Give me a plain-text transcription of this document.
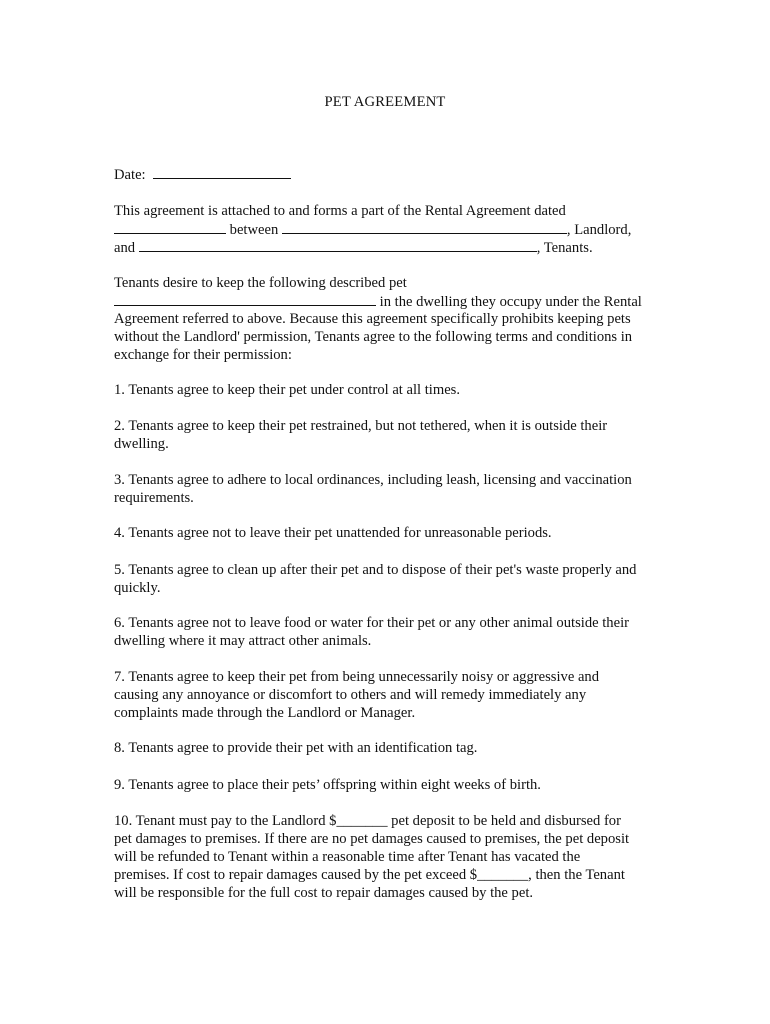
PET AGREEMENT
Date:
This agreement is attached to and forms a part of the Rental Agreement dated
between	, Landlord,
and	, Tenants.
Tenants desire to keep the following described pet
in the dwelling they occupy under the Rental
Agreement referred to above. Because this agreement specifically prohibits keeping pets
without the Landlord' permission, Tenants agree to the following terms and conditions in
exchange for their permission:
1. Tenants agree to keep their pet under control at all times.
2. Tenants agree to keep their pet restrained, but not tethered, when it is outside their
dwelling.
3. Tenants agree to adhere to local ordinances, including leash, licensing and vaccination
requirements.
4. Tenants agree not to leave their pet unattended for unreasonable periods.
5. Tenants agree to clean up after their pet and to dispose of their pet's waste properly and
quickly.
6. Tenants agree not to leave food or water for their pet or any other animal outside their
dwelling where it may attract other animals.
7. Tenants agree to keep their pet from being unnecessarily noisy or aggressive and
causing any annoyance or discomfort to others and will remedy immediately any
complaints made through the Landlord or Manager.
8. Tenants agree to provide their pet with an identification tag.
9. Tenants agree to place their pets’ offspring within eight weeks of birth.
10. Tenant must pay to the Landlord $_______ pet deposit to be held and disbursed for
pet damages to premises. If there are no pet damages caused to premises, the pet deposit
will be refunded to Tenant within a reasonable time after Tenant has vacated the
premises. If cost to repair damages caused by the pet exceed $_______, then the Tenant
will be responsible for the full cost to repair damages caused by the pet.
